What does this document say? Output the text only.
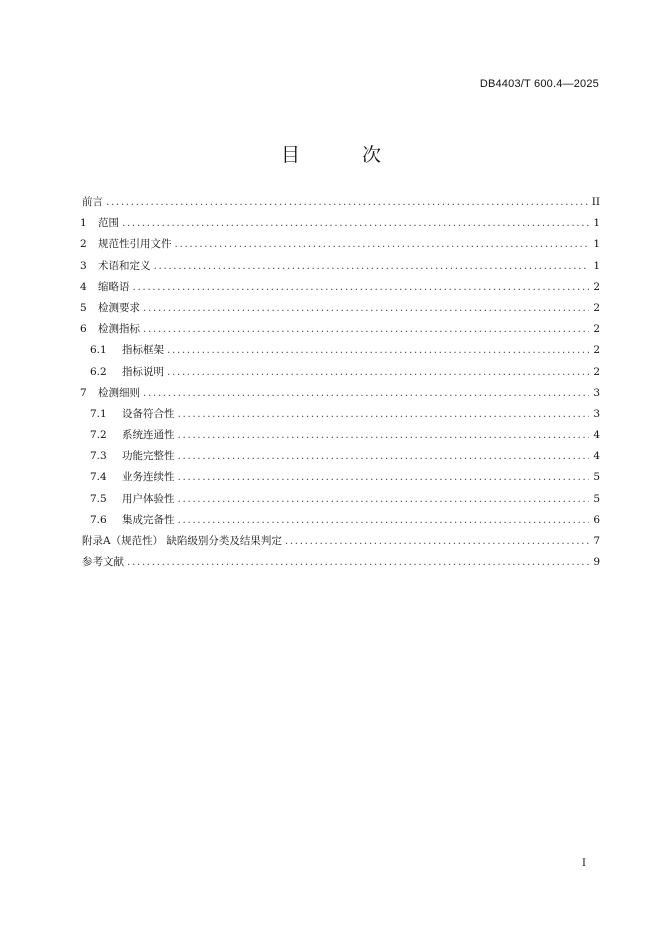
DB4403/T 600.4—2025
目 次
前言 .....	II
1	范围 .....	1
2	规范性引用文件 .....	1
3	术语和定义 .....	1
4	缩略语 .....	2
5	检测要求 .....	2
6	检测指标 .....	2
6.1	指标框架 .....	2
6.2	指标说明 .....	2
7	检测细则 .....	3
7.1	设备符合性 .....	3
7.2	系统连通性 .....	4
7.3	功能完整性 .....	4
7.4	业务连续性 .....	5
7.5	用户体验性 .....	5
7.6	集成完备性 .....	6
附录A（规范性） 缺陷级别分类及结果判定 .....	7
参考文献 .....	9
I
